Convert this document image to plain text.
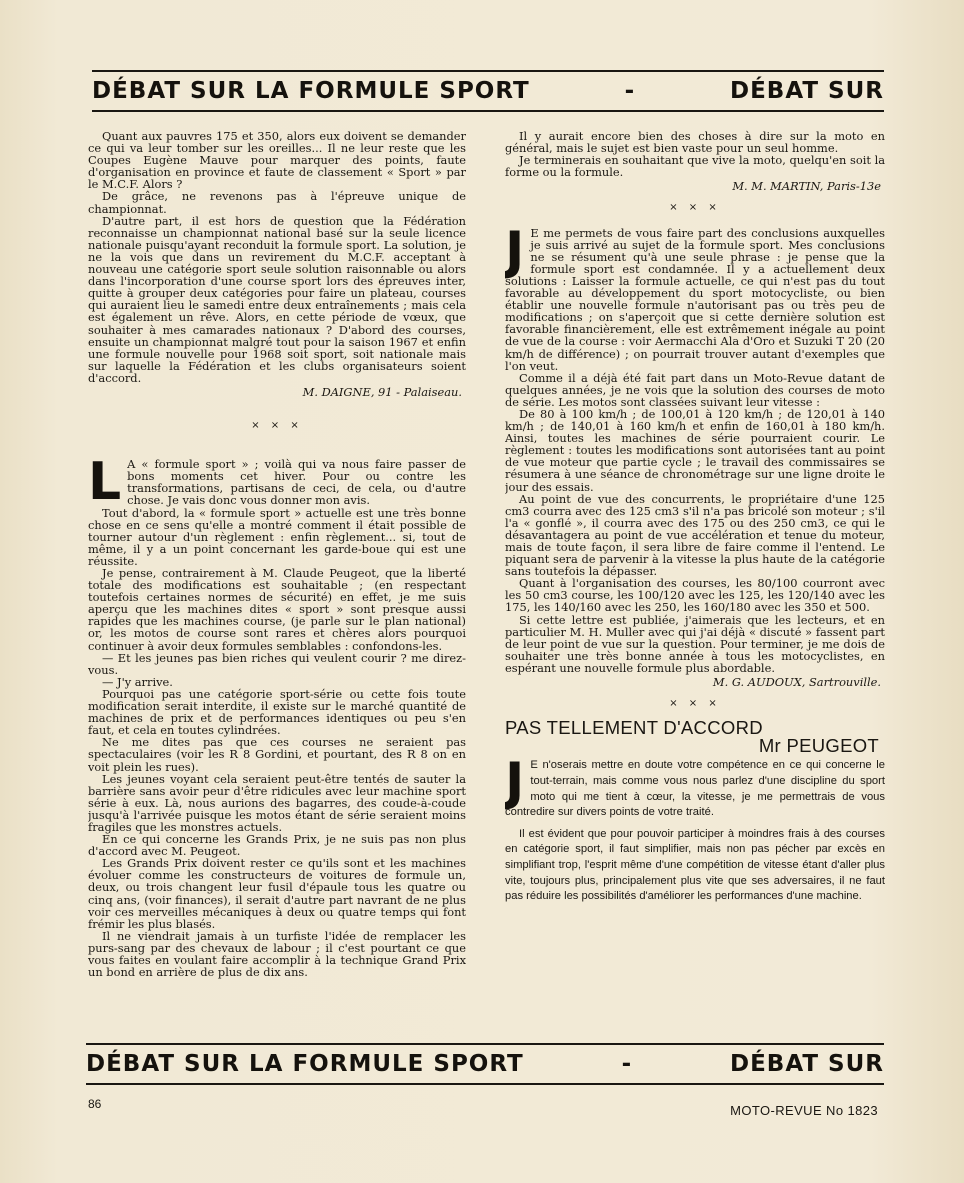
DÉBAT SUR LA FORMULE SPORT	-	DÉBAT SUR

Quant aux pauvres 175 et 350, alors eux doivent se demander ce qui va leur tomber sur les oreilles... Il ne leur reste que les Coupes Eugène Mauve pour marquer des points, faute d'organisation en province et faute de classement « Sport » par le M.C.F. Alors ?

De grâce, ne revenons pas à l'épreuve unique de championnat.

D'autre part, il est hors de question que la Fédération reconnaisse un championnat national basé sur la seule licence nationale puisqu'ayant reconduit la formule sport. La solution, je ne la vois que dans un revirement du M.C.F. acceptant à nouveau une catégorie sport seule solution raisonnable ou alors dans l'incorporation d'une course sport lors des épreuves inter, quitte à grouper deux catégories pour faire un plateau, courses qui auraient lieu le samedi entre deux entraînements ; mais cela est également un rêve. Alors, en cette période de vœux, que souhaiter à mes camarades nationaux ? D'abord des courses, ensuite un championnat malgré tout pour la saison 1967 et enfin une formule nouvelle pour 1968 soit sport, soit nationale mais sur laquelle la Fédération et les clubs organisateurs soient d'accord.

M. DAIGNE, 91 - Palaiseau.
× × ×
L A « formule sport » ; voilà qui va nous faire passer de bons moments cet hiver. Pour ou contre les transformations, partisans de ceci, de cela, ou d'autre chose. Je vais donc vous donner mon avis.

Tout d'abord, la « formule sport » actuelle est une très bonne chose en ce sens qu'elle a montré comment il était possible de tourner autour d'un règlement : enfin règlement... si, tout de même, il y a un point concernant les garde-boue qui est une réussite.

Je pense, contrairement à M. Claude Peugeot, que la liberté totale des modifications est souhaitable ; (en respectant toutefois certaines normes de sécurité) en effet, je me suis aperçu que les machines dites « sport » sont presque aussi rapides que les machines course, (je parle sur le plan national) or, les motos de course sont rares et chères alors pourquoi continuer à avoir deux formules semblables : confondons-les.

— Et les jeunes pas bien riches qui veulent courir ? me direz-vous.

— J'y arrive.

Pourquoi pas une catégorie sport-série ou cette fois toute modification serait interdite, il existe sur le marché quantité de machines de prix et de performances identiques ou peu s'en faut, et cela en toutes cylindrées.

Ne me dites pas que ces courses ne seraient pas spectaculaires (voir les R 8 Gordini, et pourtant, des R 8 on en voit plein les rues).

Les jeunes voyant cela seraient peut-être tentés de sauter la barrière sans avoir peur d'être ridicules avec leur machine sport série à eux. Là, nous aurions des bagarres, des coude-à-coude jusqu'à l'arrivée puisque les motos étant de série seraient moins fragiles que les monstres actuels.

En ce qui concerne les Grands Prix, je ne suis pas non plus d'accord avec M. Peugeot.

Les Grands Prix doivent rester ce qu'ils sont et les machines évoluer comme les constructeurs de voitures de formule un, deux, ou trois changent leur fusil d'épaule tous les quatre ou cinq ans, (voir finances), il serait d'autre part navrant de ne plus voir ces merveilles mécaniques à deux ou quatre temps qui font frémir les plus blasés.

Il ne viendrait jamais à un turfiste l'idée de remplacer les purs-sang par des chevaux de labour ; il c'est pourtant ce que vous faites en voulant faire accomplir à la technique Grand Prix un bond en arrière de plus de dix ans.

Il y aurait encore bien des choses à dire sur la moto en général, mais le sujet est bien vaste pour un seul homme.

Je terminerais en souhaitant que vive la moto, quelqu'en soit la forme ou la formule.

M. M. MARTIN, Paris-13e
× × ×
J E me permets de vous faire part des conclusions auxquelles je suis arrivé au sujet de la formule sport. Mes conclusions ne se résument qu'à une seule phrase : je pense que la formule sport est condamnée. Il y a actuellement deux solutions : Laisser la formule actuelle, ce qui n'est pas du tout favorable au développement du sport motocycliste, ou bien établir une nouvelle formule n'autorisant pas ou très peu de modifications ; on s'aperçoit que si cette dernière solution est favorable financièrement, elle est extrêmement inégale au point de vue de la course : voir Aermacchi Ala d'Oro et Suzuki T 20 (20 km/h de différence) ; on pourrait trouver autant d'exemples que l'on veut.

Comme il a déjà été fait part dans un Moto-Revue datant de quelques années, je ne vois que la solution des courses de moto de série. Les motos sont classées suivant leur vitesse :

De 80 à 100 km/h ; de 100,01 à 120 km/h ; de 120,01 à 140 km/h ; de 140,01 à 160 km/h et enfin de 160,01 à 180 km/h. Ainsi, toutes les machines de série pourraient courir. Le règlement : toutes les modifications sont autorisées tant au point de vue moteur que partie cycle ; le travail des commissaires se résumera à une séance de chronométrage sur une ligne droite le jour des essais.

Au point de vue des concurrents, le propriétaire d'une 125 cm3 courra avec des 125 cm3 s'il n'a pas bricolé son moteur ; s'il l'a « gonflé », il courra avec des 175 ou des 250 cm3, ce qui le désavantagera au point de vue accélération et tenue du moteur, mais de toute façon, il sera libre de faire comme il l'entend. Le piquant sera de parvenir à la vitesse la plus haute de la catégorie sans toutefois la dépasser.

Quant à l'organisation des courses, les 80/100 courront avec les 50 cm3 course, les 100/120 avec les 125, les 120/140 avec les 175, les 140/160 avec les 250, les 160/180 avec les 350 et 500.

Si cette lettre est publiée, j'aimerais que les lecteurs, et en particulier M. H. Muller avec qui j'ai déjà « discuté » fassent part de leur point de vue sur la question. Pour terminer, je me dois de souhaiter une très bonne année à tous les motocyclistes, en espérant une nouvelle formule plus abordable.

M. G. AUDOUX, Sartrouville.
× × ×
PAS TELLEMENT D'ACCORD
Mr PEUGEOT
J E n'oserais mettre en doute votre compétence en ce qui concerne le tout-terrain, mais comme vous nous parlez d'une discipline du sport moto qui me tient à cœur, la vitesse, je me permettrais de vous contredire sur divers points de votre traité.

Il est évident que pour pouvoir participer à moindres frais à des courses en catégorie sport, il faut simplifier, mais non pas pécher par excès en simplifiant trop, l'esprit même d'une compétition de vitesse étant d'aller plus vite, toujours plus, principalement plus vite que ses adversaires, il ne faut pas réduire les possibilités d'améliorer les performances d'une machine.

DÉBAT SUR LA FORMULE SPORT	-	DÉBAT SUR
86	MOTO-REVUE No 1823
